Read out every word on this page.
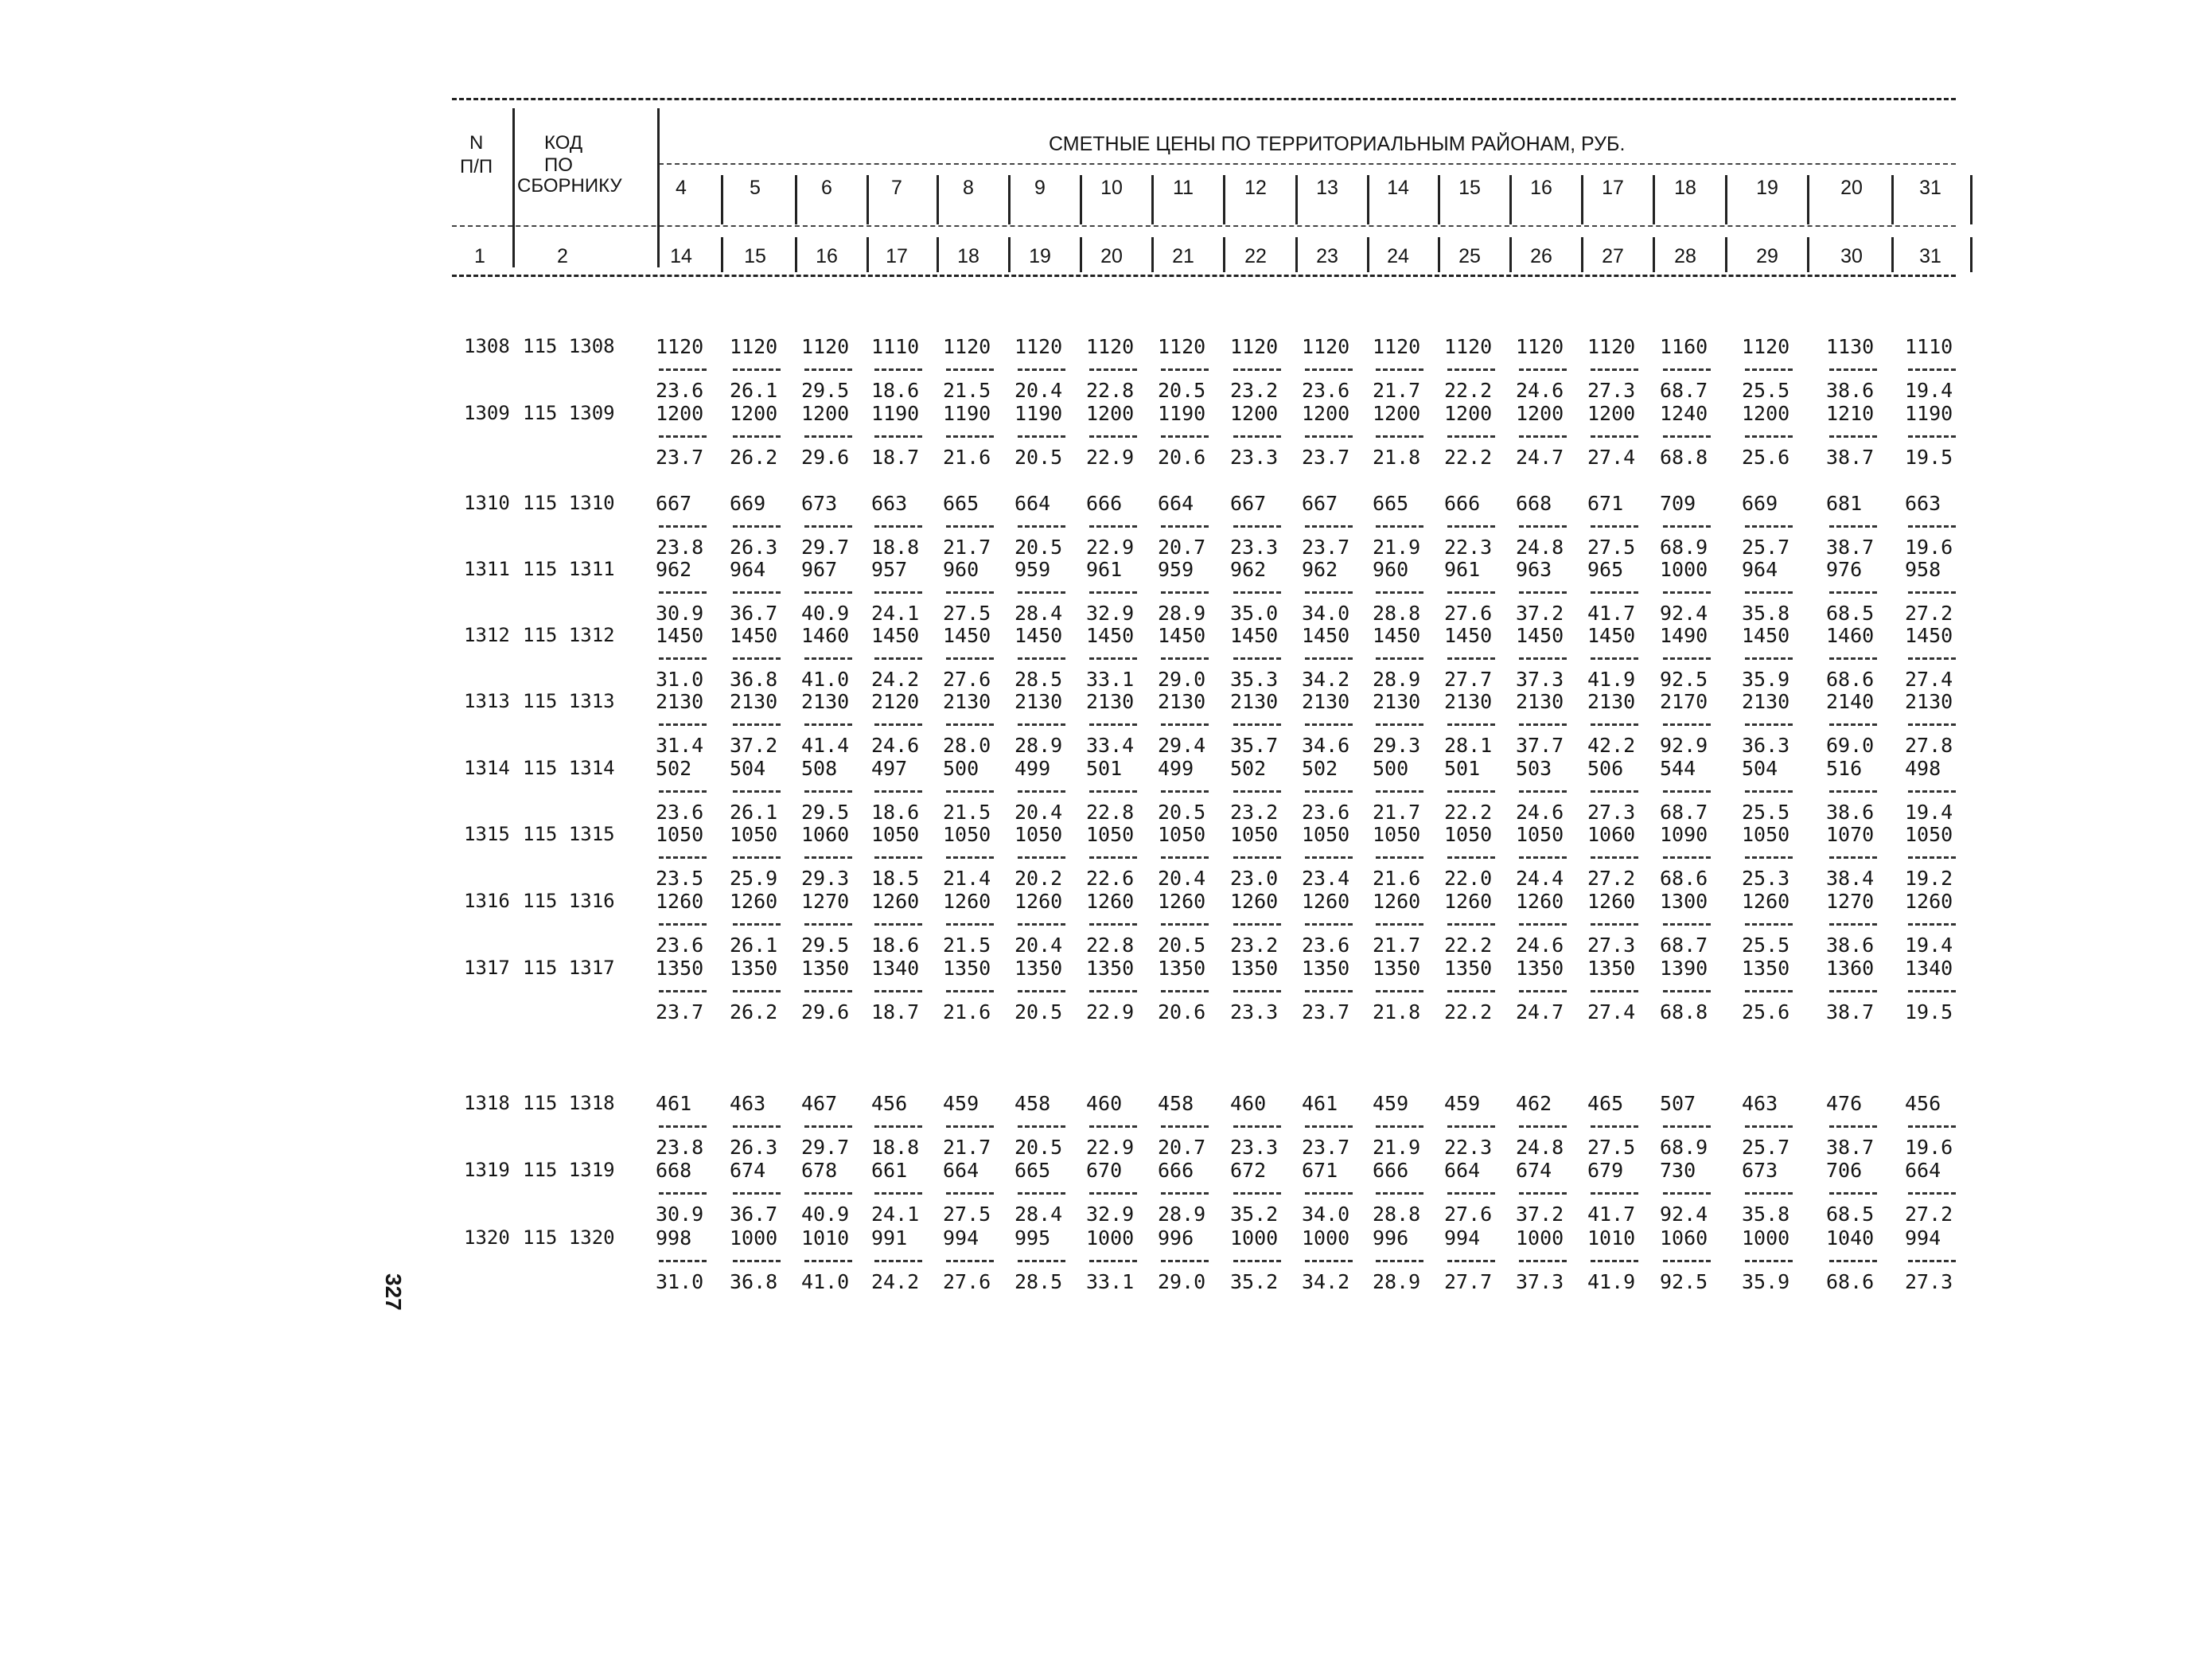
N
П/П
КОД
ПО
СБОРНИКУ
СМЕТНЫЕ ЦЕНЫ ПО ТЕРРИТОРИАЛЬНЫМ РАЙОНАМ, РУБ.
327
4	5	6	7	8	9	10	11	12	13	14	15	16	17	18	19	20	31
1	2	14	15	16	17	18	19	20	21	22	23	24	25	26	27	28	29	30	31
1308 115 1308 1120	1120	1120	1110	1120	1120	1120	1120	1120	1120	1120	1120	1120	1120	1160	1120	1130	1110
23.6	26.1	29.5	18.6	21.5	20.4	22.8	20.5	23.2	23.6	21.7	22.2	24.6	27.3	68.7	25.5	38.6	19.4
1309 115 1309 1200	1200	1200	1190	1190	1190	1200	1190	1200	1200	1200	1200	1200	1200	1240	1200	1210	1190
23.7	26.2	29.6	18.7	21.6	20.5	22.9	20.6	23.3	23.7	21.8	22.2	24.7	27.4	68.8	25.6	38.7	19.5
1310 115 1310 667	669	673	663	665	664	666	664	667	667	665	666	668	671	709	669	681	663
23.8	26.3	29.7	18.8	21.7	20.5	22.9	20.7	23.3	23.7	21.9	22.3	24.8	27.5	68.9	25.7	38.7	19.6
1311 115 1311 962	964	967	957	960	959	961	959	962	962	960	961	963	965	1000	964	976	958
30.9	36.7	40.9	24.1	27.5	28.4	32.9	28.9	35.0	34.0	28.8	27.6	37.2	41.7	92.4	35.8	68.5	27.2
1312 115 1312 1450	1450	1460	1450	1450	1450	1450	1450	1450	1450	1450	1450	1450	1450	1490	1450	1460	1450
31.0	36.8	41.0	24.2	27.6	28.5	33.1	29.0	35.3	34.2	28.9	27.7	37.3	41.9	92.5	35.9	68.6	27.4
1313 115 1313 2130	2130	2130	2120	2130	2130	2130	2130	2130	2130	2130	2130	2130	2130	2170	2130	2140	2130
31.4	37.2	41.4	24.6	28.0	28.9	33.4	29.4	35.7	34.6	29.3	28.1	37.7	42.2	92.9	36.3	69.0	27.8
1314 115 1314 502	504	508	497	500	499	501	499	502	502	500	501	503	506	544	504	516	498
23.6	26.1	29.5	18.6	21.5	20.4	22.8	20.5	23.2	23.6	21.7	22.2	24.6	27.3	68.7	25.5	38.6	19.4
1315 115 1315 1050	1050	1060	1050	1050	1050	1050	1050	1050	1050	1050	1050	1050	1060	1090	1050	1070	1050
23.5	25.9	29.3	18.5	21.4	20.2	22.6	20.4	23.0	23.4	21.6	22.0	24.4	27.2	68.6	25.3	38.4	19.2
1316 115 1316 1260	1260	1270	1260	1260	1260	1260	1260	1260	1260	1260	1260	1260	1260	1300	1260	1270	1260
23.6	26.1	29.5	18.6	21.5	20.4	22.8	20.5	23.2	23.6	21.7	22.2	24.6	27.3	68.7	25.5	38.6	19.4
1317 115 1317 1350	1350	1350	1340	1350	1350	1350	1350	1350	1350	1350	1350	1350	1350	1390	1350	1360	1340
23.7	26.2	29.6	18.7	21.6	20.5	22.9	20.6	23.3	23.7	21.8	22.2	24.7	27.4	68.8	25.6	38.7	19.5
1318 115 1318 461	463	467	456	459	458	460	458	460	461	459	459	462	465	507	463	476	456
23.8	26.3	29.7	18.8	21.7	20.5	22.9	20.7	23.3	23.7	21.9	22.3	24.8	27.5	68.9	25.7	38.7	19.6
1319 115 1319 668	674	678	661	664	665	670	666	672	671	666	664	674	679	730	673	706	664
30.9	36.7	40.9	24.1	27.5	28.4	32.9	28.9	35.2	34.0	28.8	27.6	37.2	41.7	92.4	35.8	68.5	27.2
1320 115 1320 998	1000	1010	991	994	995	1000	996	1000	1000	996	994	1000	1010	1060	1000	1040	994
31.0	36.8	41.0	24.2	27.6	28.5	33.1	29.0	35.2	34.2	28.9	27.7	37.3	41.9	92.5	35.9	68.6	27.3
